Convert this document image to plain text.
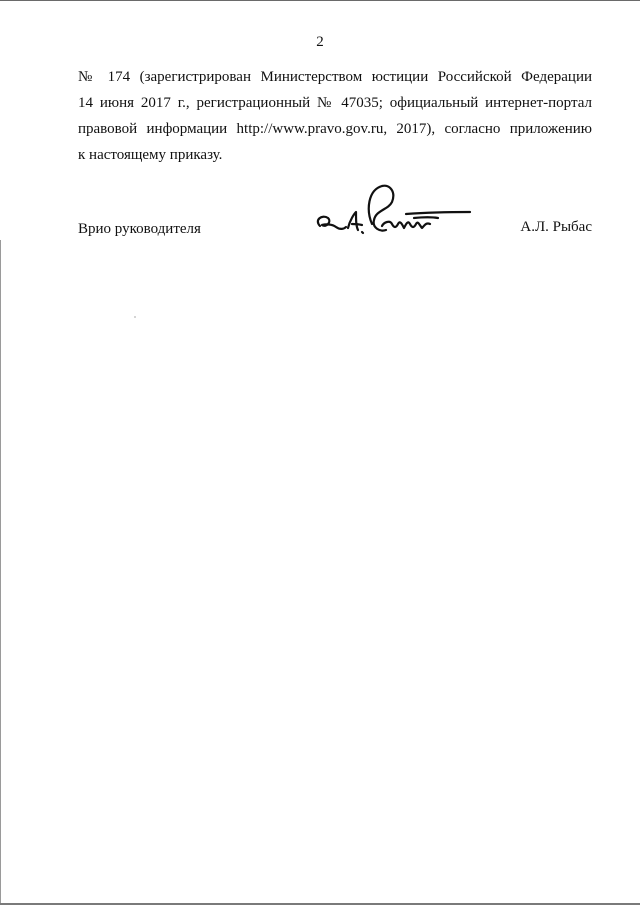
2
№ 174 (зарегистрирован Министерством юстиции Российской Федерации
14 июня 2017 г., регистрационный № 47035; официальный интернет-портал
правовой информации http://www.pravo.gov.ru, 2017), согласно приложению
к настоящему приказу.
Врио руководителя	А.Л. Рыбас
